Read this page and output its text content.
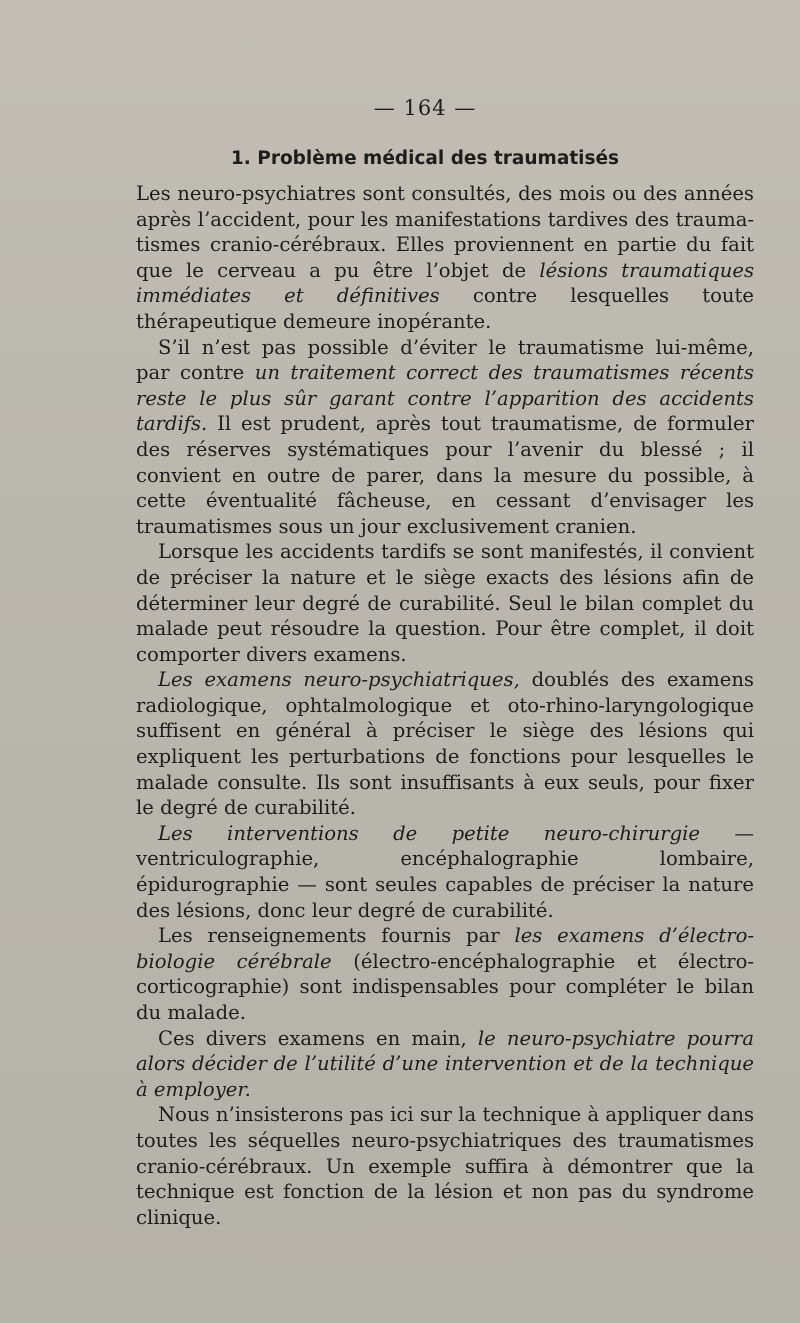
— 164 —
1. Problème médical des traumatisés

Les neuro-psychiatres sont consultés, des mois ou des années après l’accident, pour les manifestations tardives des traumatismes cranio-cérébraux. Elles proviennent en partie du fait que le cerveau a pu être l’objet de lésions traumatiques immédiates et définitives contre lesquelles toute thérapeutique demeure inopérante.

S’il n’est pas possible d’éviter le traumatisme lui-même, par contre un traitement correct des traumatismes récents reste le plus sûr garant contre l’apparition des accidents tardifs. Il est prudent, après tout traumatisme, de formuler des réserves systématiques pour l’avenir du blessé ; il convient en outre de parer, dans la mesure du possible, à cette éventualité fâcheuse, en cessant d’envisager les traumatismes sous un jour exclusivement cranien.

Lorsque les accidents tardifs se sont manifestés, il convient de préciser la nature et le siège exacts des lésions afin de déterminer leur degré de curabilité. Seul le bilan complet du malade peut résoudre la question. Pour être complet, il doit comporter divers examens.

Les examens neuro-psychiatriques, doublés des examens radiologique, ophtalmologique et oto-rhino-laryngologique suffisent en général à préciser le siège des lésions qui expliquent les perturbations de fonctions pour lesquelles le malade consulte. Ils sont insuffisants à eux seuls, pour fixer le degré de curabilité.

Les interventions de petite neuro-chirurgie — ventriculographie, encéphalographie lombaire, épidurographie — sont seules capables de préciser la nature des lésions, donc leur degré de curabilité.

Les renseignements fournis par les examens d’électro-biologie cérébrale (électro-encéphalographie et électro-corticographie) sont indispensables pour compléter le bilan du malade.

Ces divers examens en main, le neuro-psychiatre pourra alors décider de l’utilité d’une intervention et de la technique à employer.

Nous n’insisterons pas ici sur la technique à appliquer dans toutes les séquelles neuro-psychiatriques des traumatismes cranio-cérébraux. Un exemple suffira à démontrer que la technique est fonction de la lésion et non pas du syndrome clinique.
